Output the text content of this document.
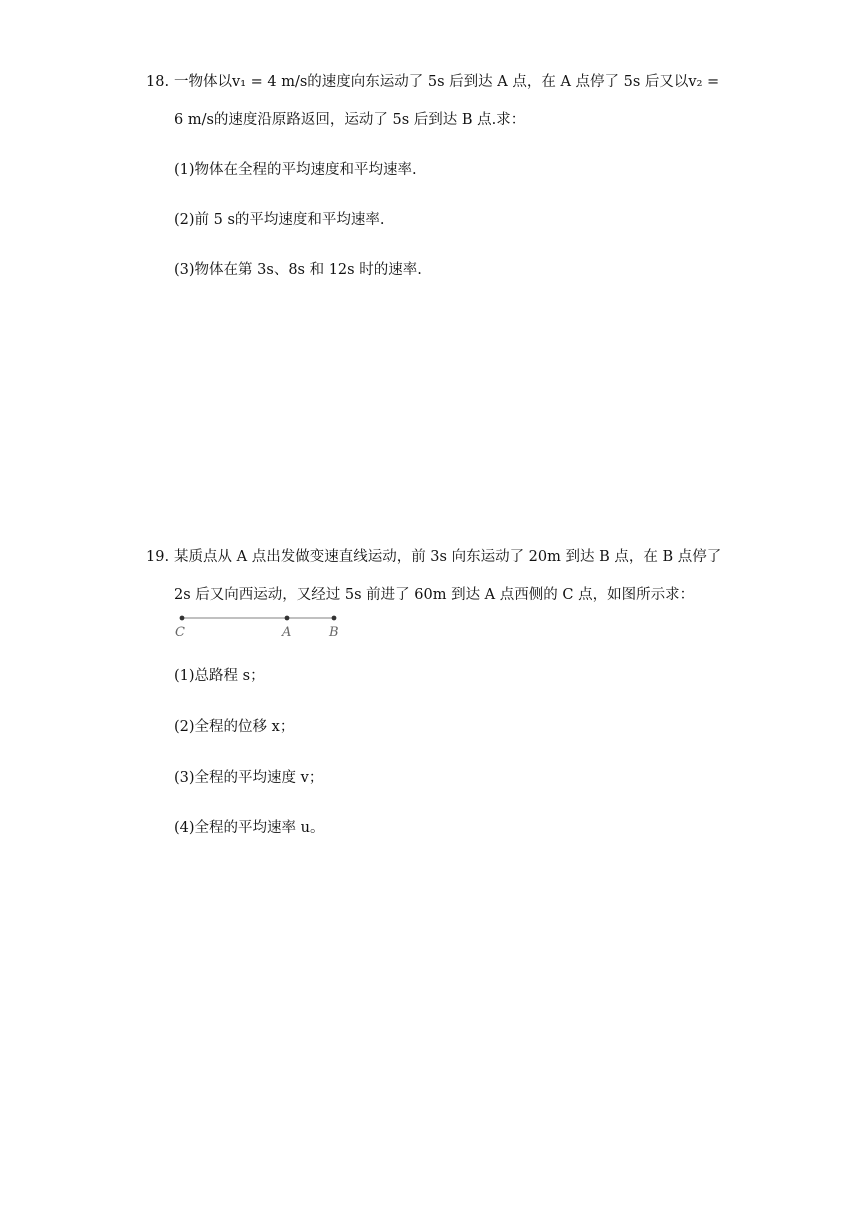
18. 一物体以v₁ = 4 m/s的速度向东运动了 5s 后到达 A 点，在 A 点停了 5s 后又以v₂ =
6 m/s的速度沿原路返回，运动了 5s 后到达 B 点.求：
(1)物体在全程的平均速度和平均速率.
(2)前 5 s的平均速度和平均速率.
(3)物体在第 3s、8s 和 12s 时的速率.
19. 某质点从 A 点出发做变速直线运动，前 3s 向东运动了 20m 到达 B 点，在 B 点停了
2s 后又向西运动，又经过 5s 前进了 60m 到达 A 点西侧的 C 点，如图所示求：
C	A	B
(1)总路程 s；
(2)全程的位移 x；
(3)全程的平均速度 v；
(4)全程的平均速率 u。
